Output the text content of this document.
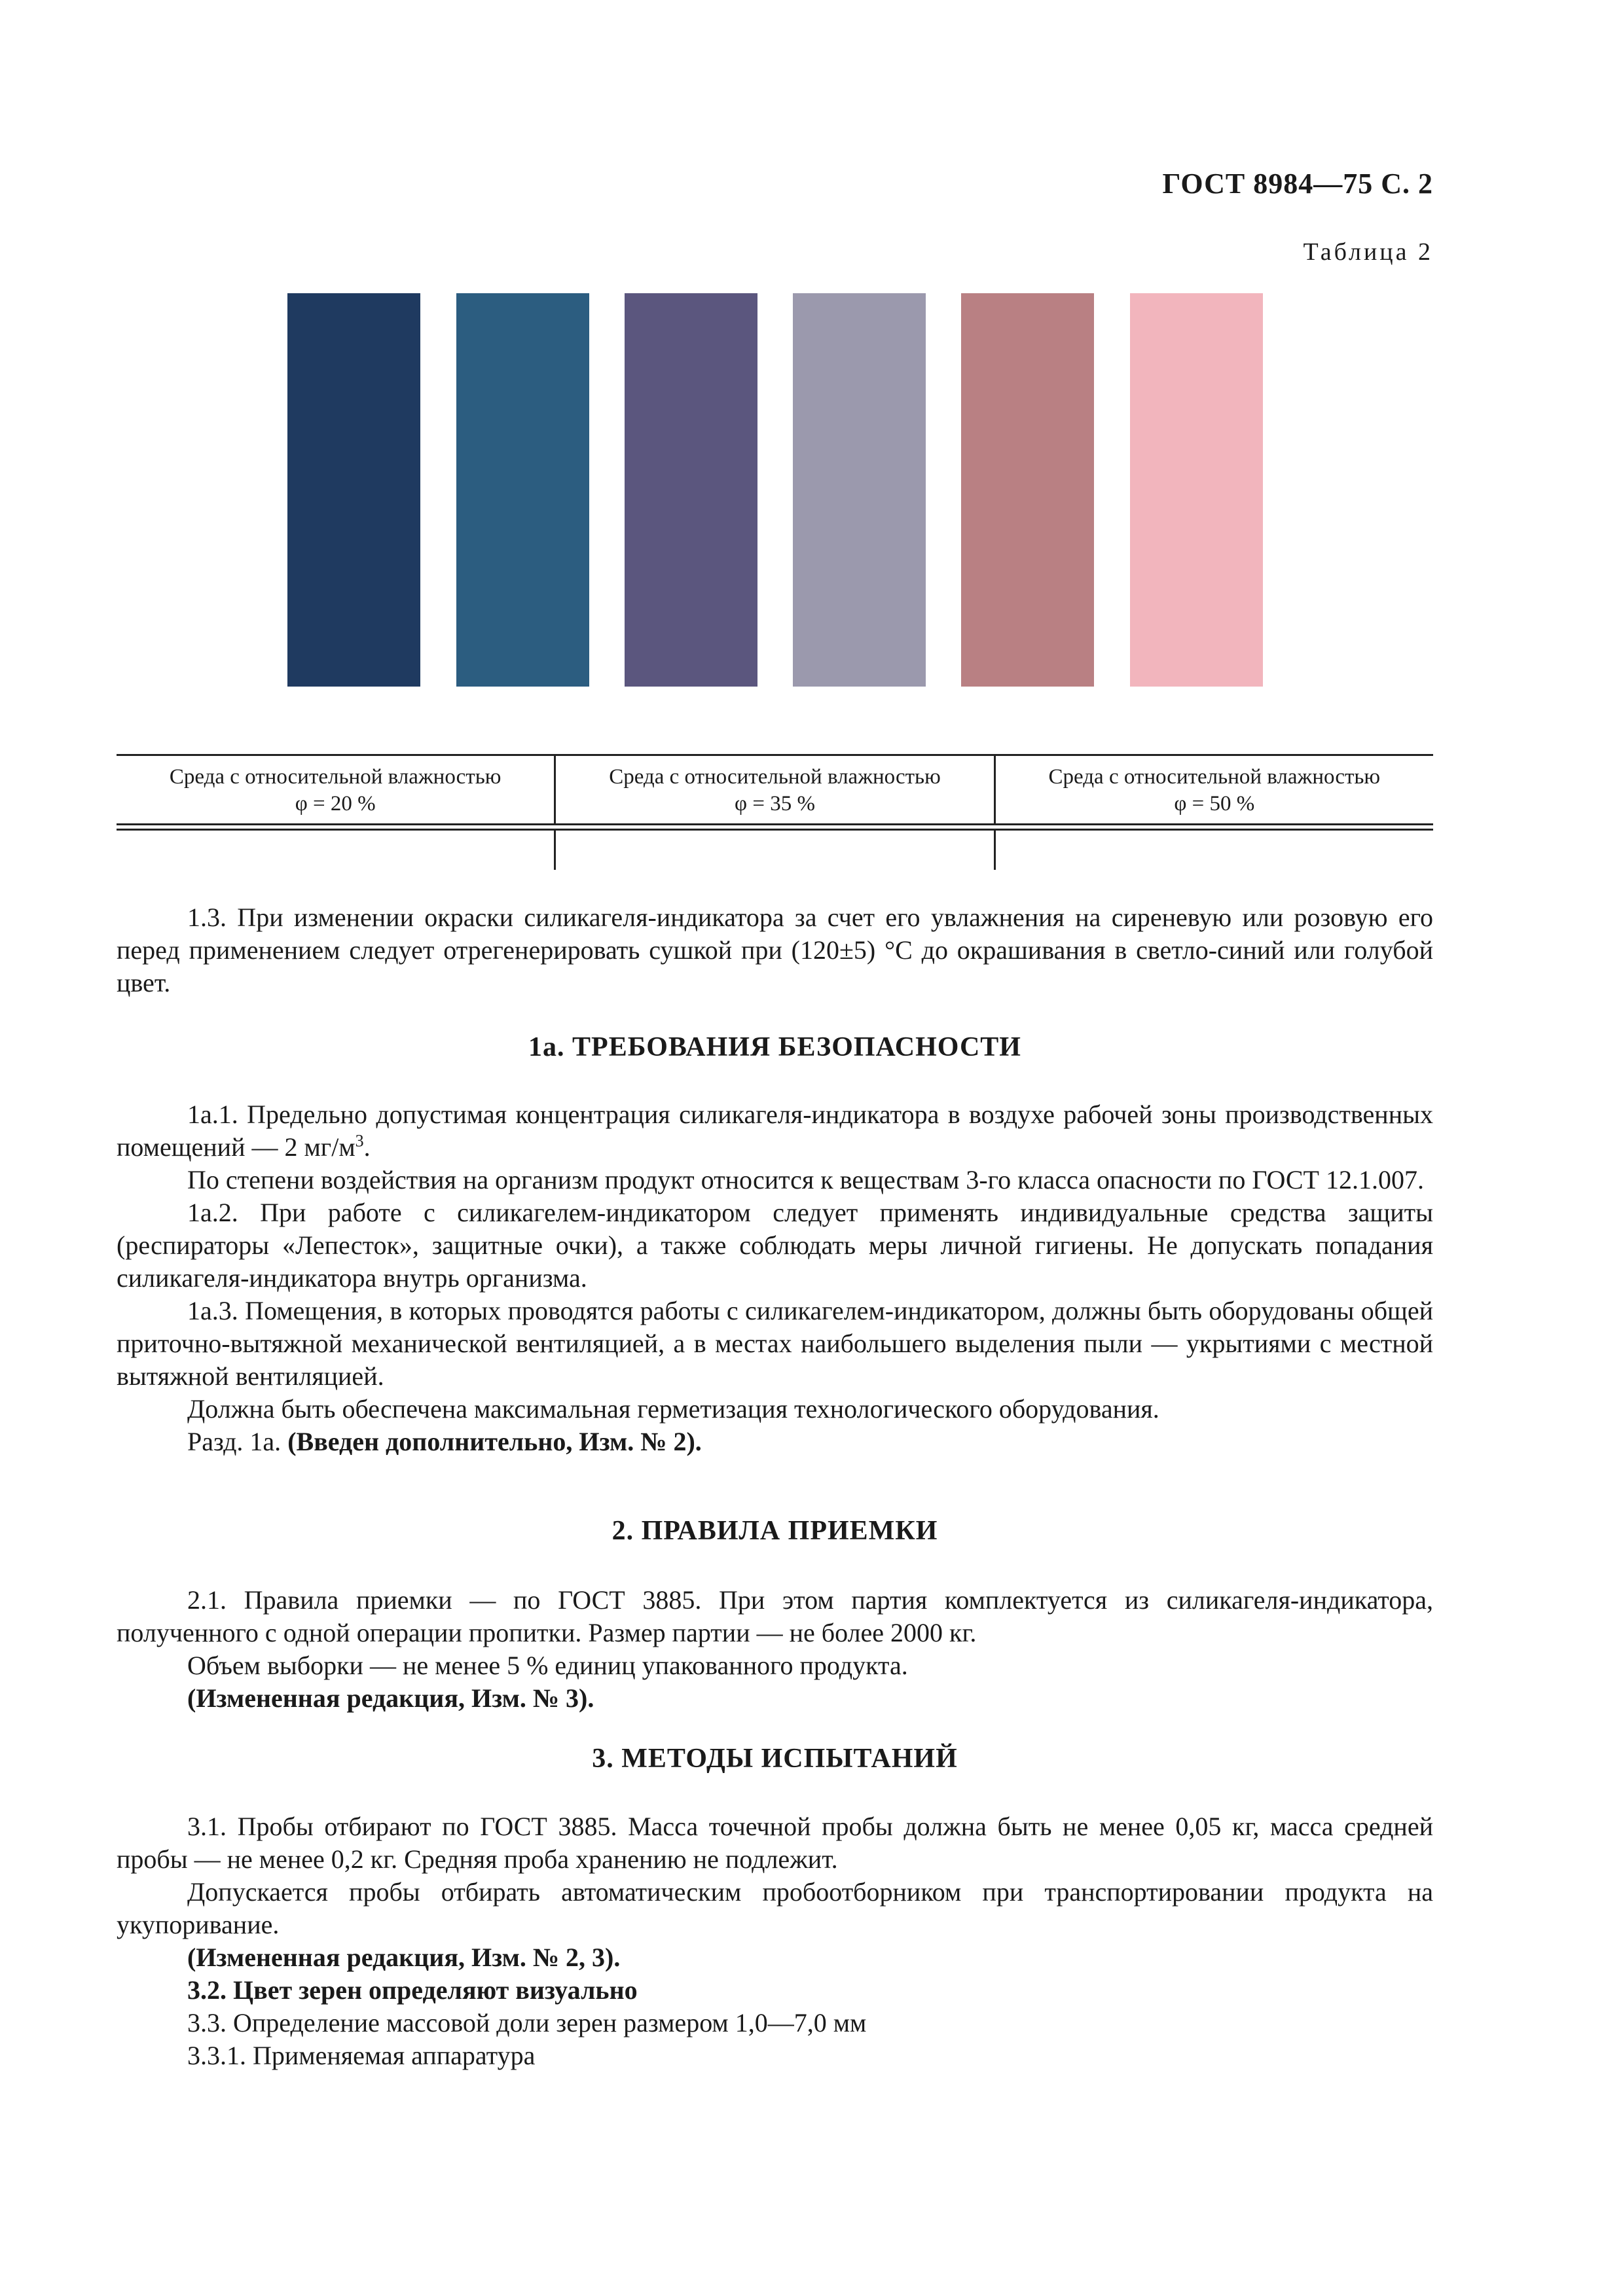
ГОСТ 8984—75 С. 2
Таблица 2
Среда с относительной влажностью
φ = 20 %
Среда с относительной влажностью
φ = 35 %
Среда с относительной влажностью
φ = 50 %

1.3. При изменении окраски силикагеля-индикатора за счет его увлажнения на сиреневую или розовую его перед применением следует отрегенерировать сушкой при (120±5) °С до окрашивания в светло-синий или голубой цвет.

1а. ТРЕБОВАНИЯ БЕЗОПАСНОСТИ

1а.1. Предельно допустимая концентрация силикагеля-индикатора в воздухе рабочей зоны производственных помещений — 2 $мг/м^3$.

По степени воздействия на организм продукт относится к веществам 3-го класса опасности по ГОСТ 12.1.007.

1а.2. При работе с силикагелем-индикатором следует применять индивидуальные средства защиты (респираторы «Лепесток», защитные очки), а также соблюдать меры личной гигиены. Не допускать попадания силикагеля-индикатора внутрь организма.

1а.3. Помещения, в которых проводятся работы с силикагелем-индикатором, должны быть оборудованы общей приточно-вытяжной механической вентиляцией, а в местах наибольшего выделения пыли — укрытиями с местной вытяжной вентиляцией.

Должна быть обеспечена максимальная герметизация технологического оборудования.

Разд. 1а. (Введен дополнительно, Изм. № 2).

2. ПРАВИЛА ПРИЕМКИ

2.1. Правила приемки — по ГОСТ 3885. При этом партия комплектуется из силикагеля-индикатора, полученного с одной операции пропитки. Размер партии — не более 2000 кг.

Объем выборки — не менее 5 % единиц упакованного продукта.

(Измененная редакция, Изм. № 3).

3. МЕТОДЫ ИСПЫТАНИЙ

3.1. Пробы отбирают по ГОСТ 3885. Масса точечной пробы должна быть не менее 0,05 кг, масса средней пробы — не менее 0,2 кг. Средняя проба хранению не подлежит.

Допускается пробы отбирать автоматическим пробоотборником при транспортировании продукта на укупоривание.

(Измененная редакция, Изм. № 2, 3).

3.2. Цвет зерен определяют визуально

3.3. Определение массовой доли зерен размером 1,0—7,0 мм

3.3.1. Применяемая аппаратура
